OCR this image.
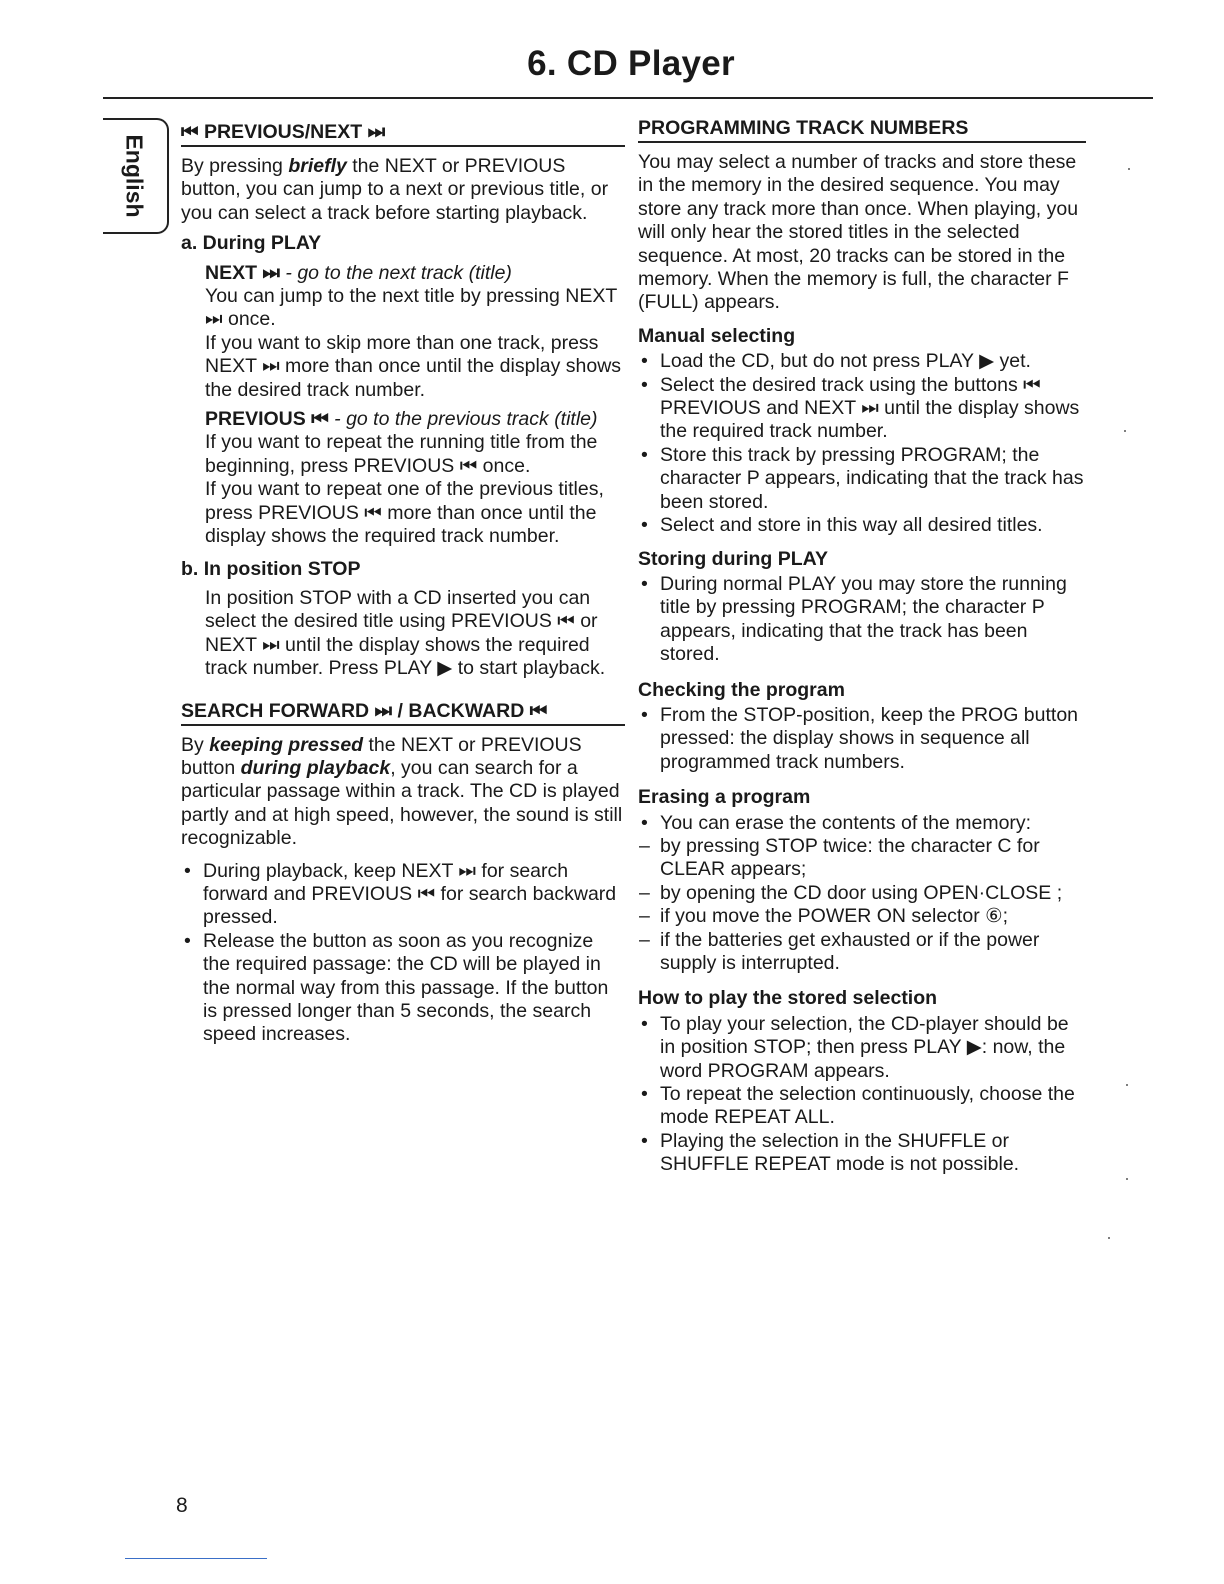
6. CD Player
English
⏮ PREVIOUS/NEXT ⏭

By pressing briefly the NEXT or PREVIOUS button, you can jump to a next or previous title, or you can select a track before starting playback.

a. During PLAY
NEXT ⏭ - go to the next track (title)

You can jump to the next title by pressing NEXT ⏭ once.

If you want to skip more than one track, press NEXT ⏭ more than once until the display shows the desired track number.

PREVIOUS ⏮ - go to the previous track (title)

If you want to repeat the running title from the beginning, press PREVIOUS ⏮ once.

If you want to repeat one of the previous titles, press PREVIOUS ⏮ more than once until the display shows the required track number.

b. In position STOP

In position STOP with a CD inserted you can select the desired title using PREVIOUS ⏮ or NEXT ⏭ until the display shows the required track number. Press PLAY ▶ to start playback.

SEARCH FORWARD ⏭ / BACKWARD ⏮

By keeping pressed the NEXT or PREVIOUS button during playback, you can search for a particular passage within a track. The CD is played partly and at high speed, however, the sound is still recognizable.

• During playback, keep NEXT ⏭ for search forward and PREVIOUS ⏮ for search backward pressed.
• Release the button as soon as you recognize the required passage: the CD will be played in the normal way from this passage. If the button is pressed longer than 5 seconds, the search speed increases.
PROGRAMMING TRACK NUMBERS

You may select a number of tracks and store these in the memory in the desired sequence. You may store any track more than once. When playing, you will only hear the stored titles in the selected sequence. At most, 20 tracks can be stored in the memory. When the memory is full, the character F (FULL) appears.

Manual selecting
• Load the CD, but do not press PLAY ▶ yet.
• Select the desired track using the buttons ⏮ PREVIOUS and NEXT ⏭ until the display shows the required track number.
• Store this track by pressing PROGRAM; the character P appears, indicating that the track has been stored.
• Select and store in this way all desired titles.
Storing during PLAY
• During normal PLAY you may store the running title by pressing PROGRAM; the character P appears, indicating that the track has been stored.
Checking the program
• From the STOP-position, keep the PROG button pressed: the display shows in sequence all programmed track numbers.
Erasing a program
• You can erase the contents of the memory:
– by pressing STOP twice: the character C for CLEAR appears;
– by opening the CD door using OPEN·CLOSE ;
– if you move the POWER ON selector ⑥;
– if the batteries get exhausted or if the power supply is interrupted.
How to play the stored selection
• To play your selection, the CD-player should be in position STOP; then press PLAY ▶: now, the word PROGRAM appears.
• To repeat the selection continuously, choose the mode REPEAT ALL.
• Playing the selection in the SHUFFLE or SHUFFLE REPEAT mode is not possible.
8
